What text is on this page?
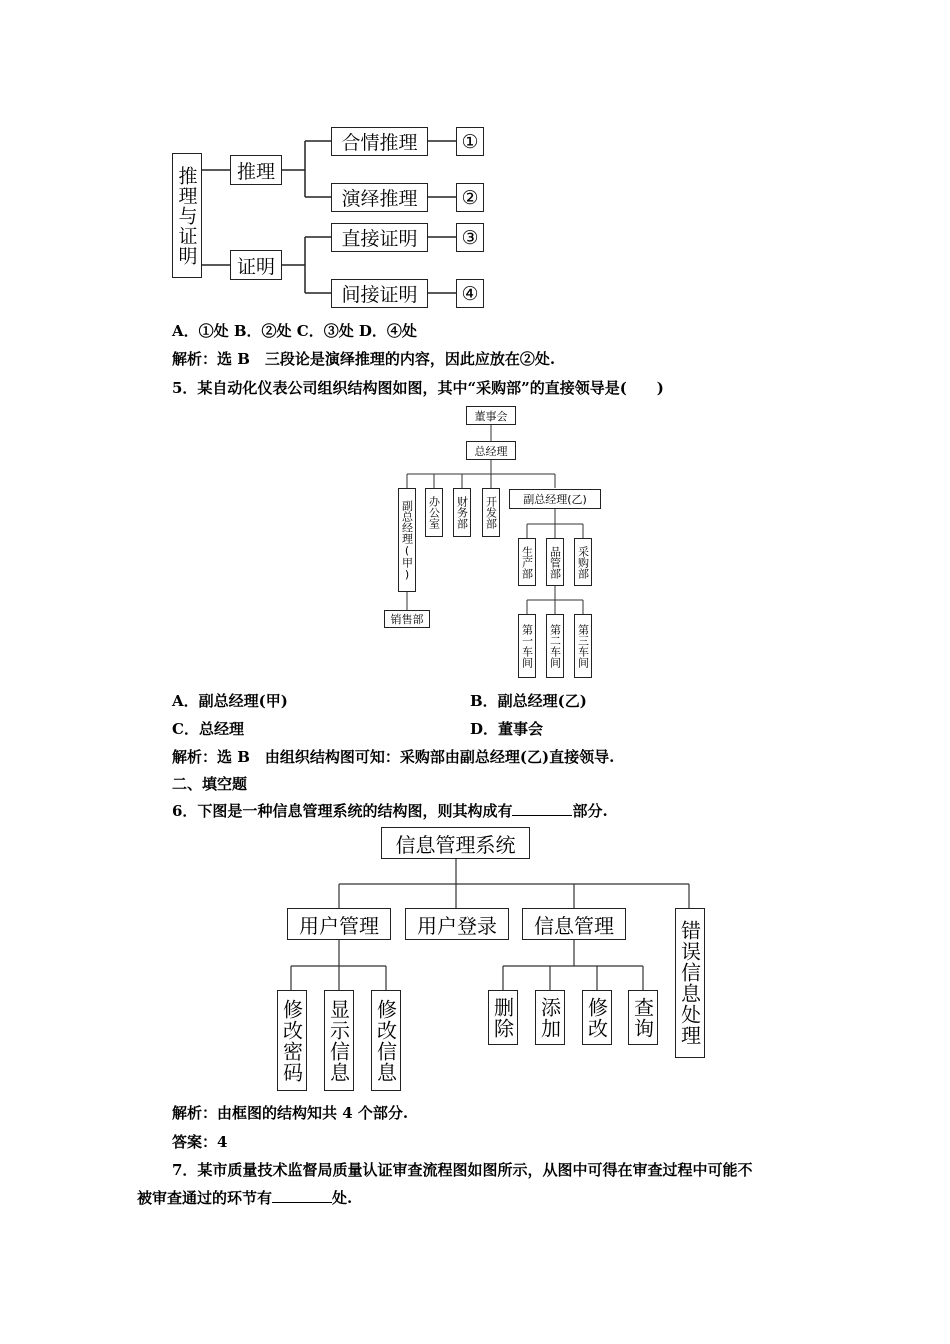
推理与证明	推理
证明
合情推理
演绎推理
直接证明
间接证明
①
②
③
④
A．①处 B．②处 C．③处 D．④处
解析：选 B　三段论是演绎推理的内容，因此应放在②处.
5．某自动化仪表公司组织结构图如图，其中“采购部”的直接领导是(　　)
董事会
总经理
副总经理(甲) 办公室 财务部 开发部	副总经理(乙)
销售部
生产部 品管部 采购部
第一车间 第二车间 第三车间
A．副总经理(甲)	B．副总经理(乙)
C．总经理	D．董事会
解析：选 B　由组织结构图可知：采购部由副总经理(乙)直接领导.
二、填空题
6．下图是一种信息管理系统的结构图，则其构成有	部分.
信息管理系统
用户管理	用户登录	信息管理	错误信息处理
修改密码 显示信息 修改信息	删除 添加 修改 查询
解析：由框图的结构知共 4 个部分.
答案：4
7．某市质量技术监督局质量认证审查流程图如图所示，从图中可得在审查过程中可能不
被审查通过的环节有	处.
